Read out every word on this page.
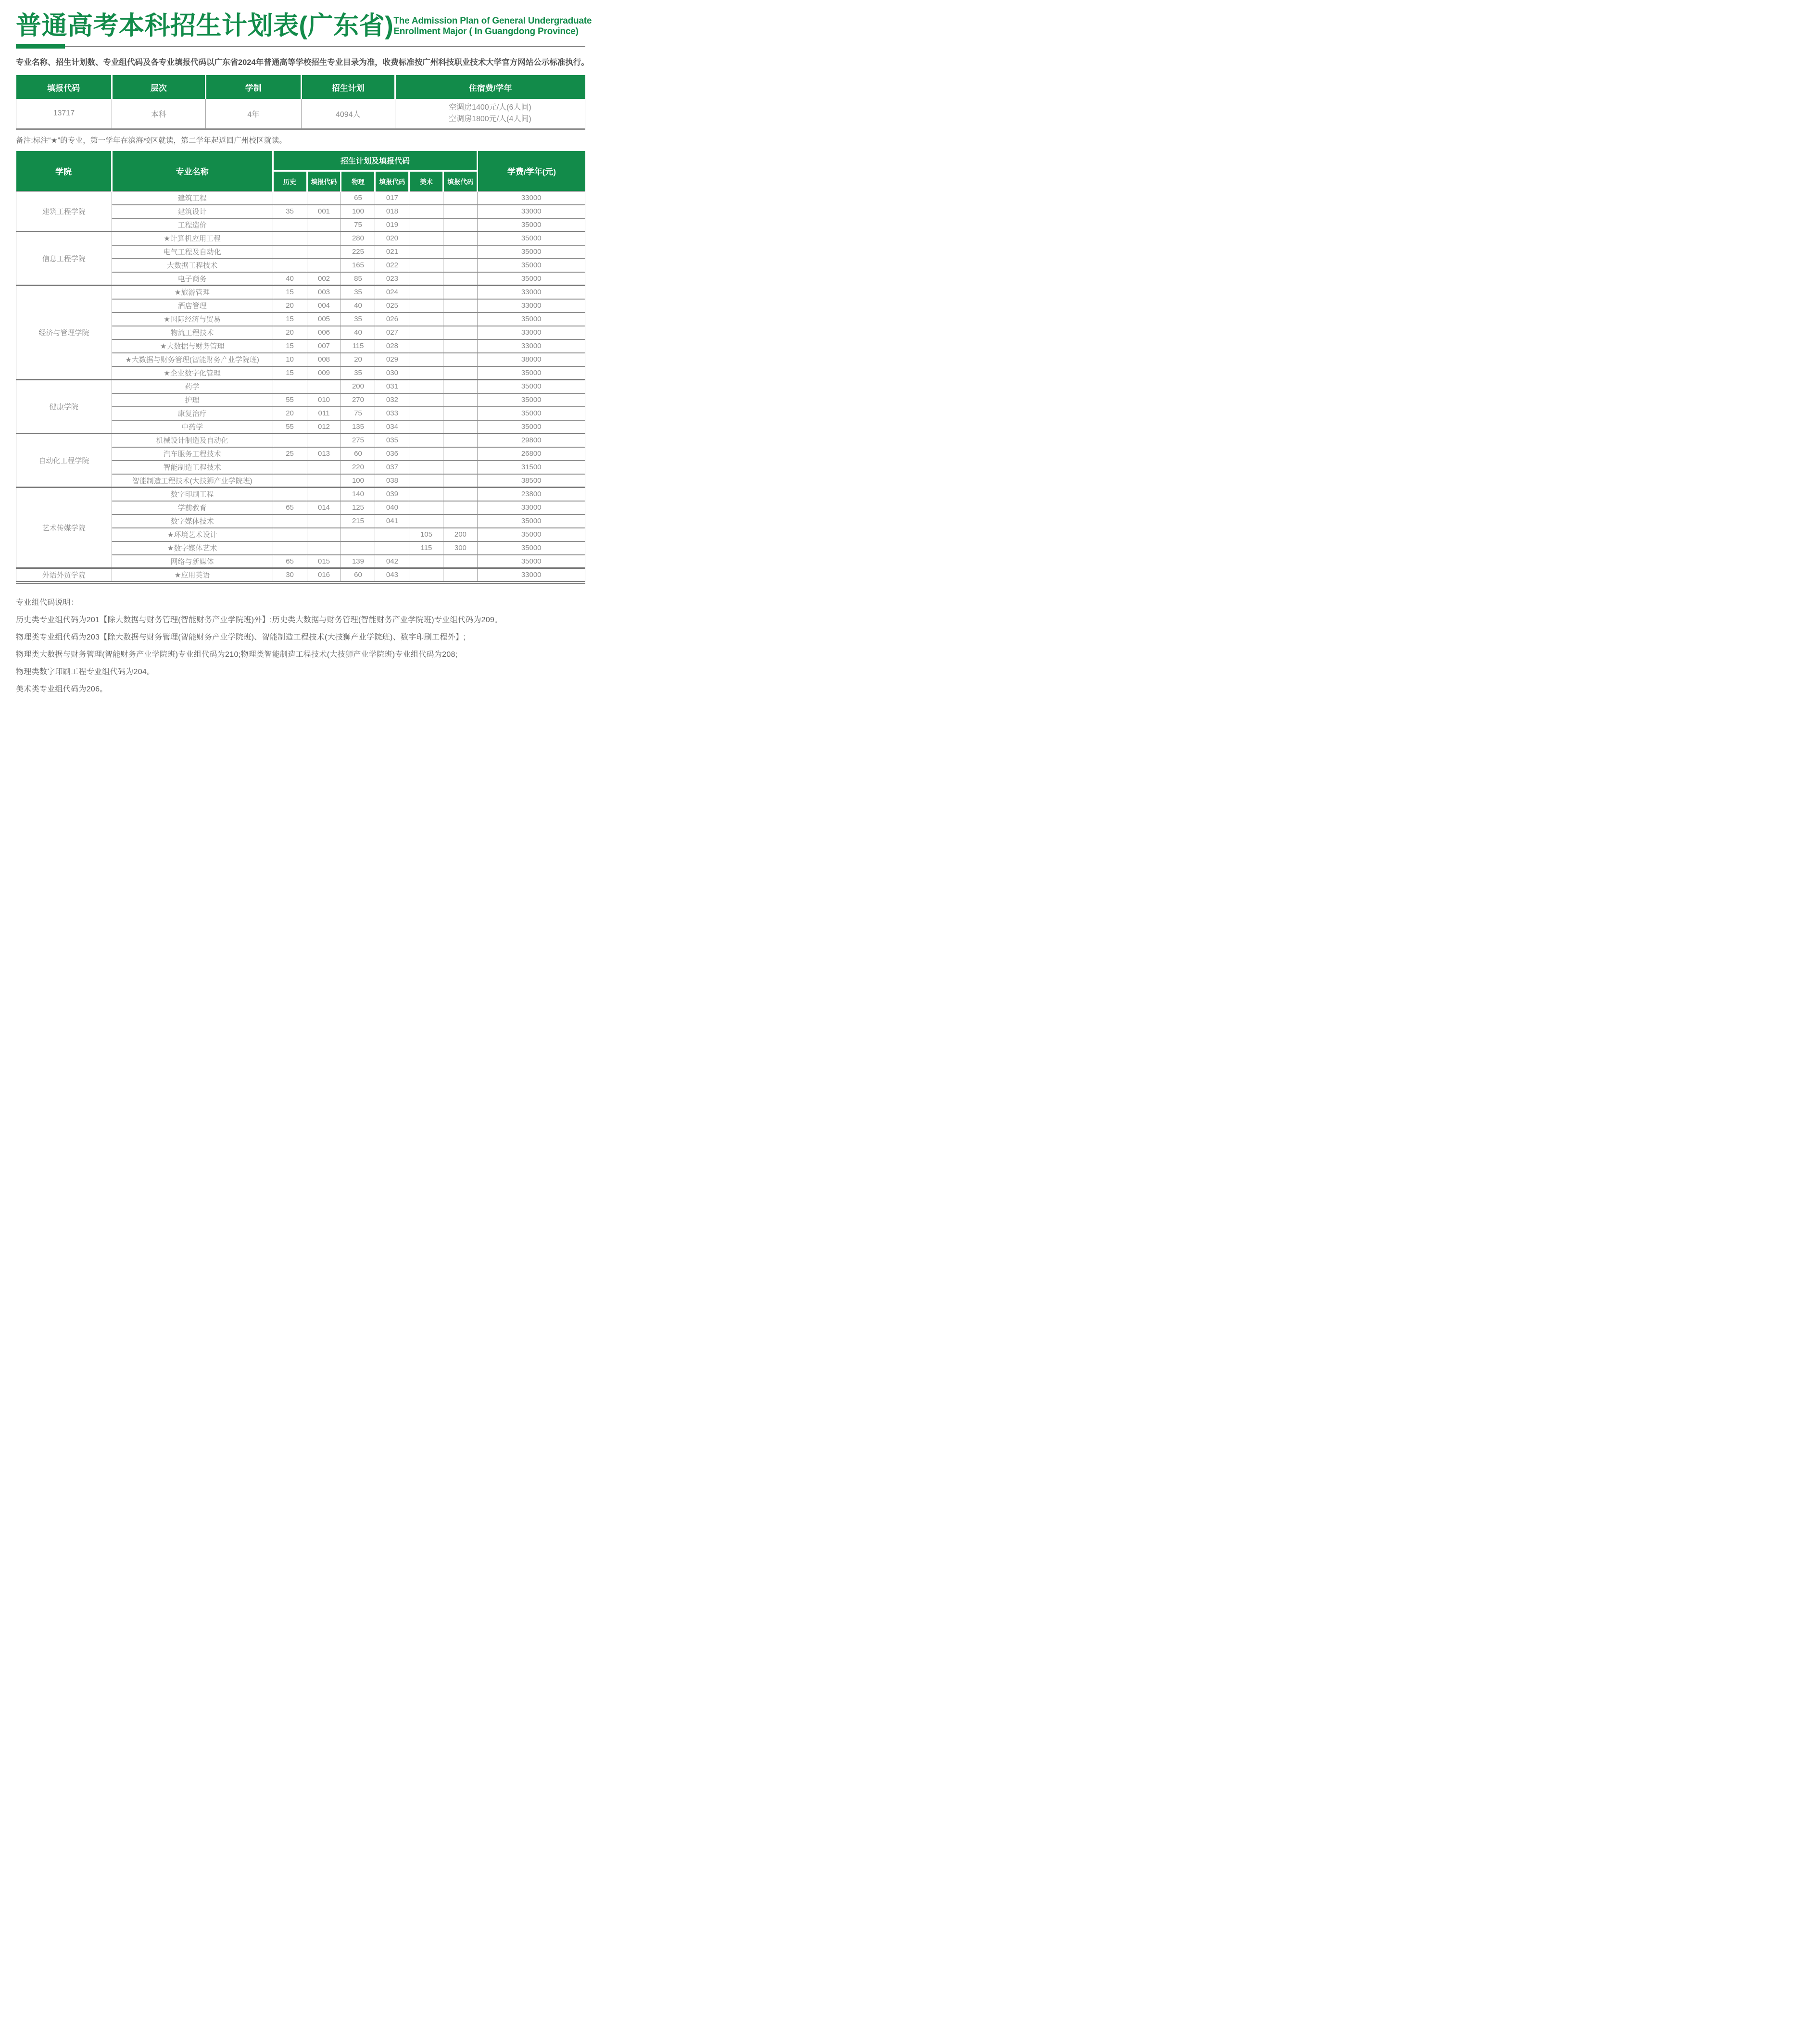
普通高考本科招生计划表(广东省) The Admission Plan of General Undergraduate
Enrollment Major ( In Guangdong Province)

专业名称、招生计划数、专业组代码及各专业填报代码以广东省2024年普通高等学校招生专业目录为准，收费标准按广州科技职业技术大学官方网站公示标准执行。

填报代码	层次	学制	招生计划	住宿费/学年
13717	本科	4年	4094人	空调房1400元/人(6人间)
空调房1800元/人(4人间)

备注:标注“★”的专业，第一学年在滨海校区就读，第二学年起返回广州校区就读。

学院	专业名称	招生计划及填报代码						学费/学年(元)
		历史	填报代码	物理	填报代码	美术	填报代码	
建筑工程学院	建筑工程			65	017			33000
	建筑设计	35	001	100	018			33000
	工程造价			75	019			35000
信息工程学院	★计算机应用工程			280	020			35000
	电气工程及自动化			225	021			35000
	大数据工程技术			165	022			35000
	电子商务	40	002	85	023			35000
经济与管理学院	★旅游管理	15	003	35	024			33000
	酒店管理	20	004	40	025			33000
	★国际经济与贸易	15	005	35	026			35000
	物流工程技术	20	006	40	027			33000
	★大数据与财务管理	15	007	115	028			33000
	★大数据与财务管理(智能财务产业学院班)	10	008	20	029			38000
	★企业数字化管理	15	009	35	030			35000
健康学院	药学			200	031			35000
	护理	55	010	270	032			35000
	康复治疗	20	011	75	033			35000
	中药学	55	012	135	034			35000
自动化工程学院	机械设计制造及自动化			275	035			29800
	汽车服务工程技术	25	013	60	036			26800
	智能制造工程技术			220	037			31500
	智能制造工程技术(大技狮产业学院班)			100	038			38500
艺术传媒学院	数字印刷工程			140	039			23800
	学前教育	65	014	125	040			33000
	数字媒体技术			215	041			35000
	★环境艺术设计					105	200	35000
	★数字媒体艺术					115	300	35000
	网络与新媒体	65	015	139	042			35000
外语外贸学院	★应用英语	30	016	60	043			33000

专业组代码说明：

历史类专业组代码为201【除大数据与财务管理(智能财务产业学院班)外】;历史类大数据与财务管理(智能财务产业学院班)专业组代码为209。

物理类专业组代码为203【除大数据与财务管理(智能财务产业学院班)、智能制造工程技术(大技狮产业学院班)、数字印刷工程外】;

物理类大数据与财务管理(智能财务产业学院班)专业组代码为210;物理类智能制造工程技术(大技狮产业学院班)专业组代码为208;

物理类数字印刷工程专业组代码为204。

美术类专业组代码为206。
